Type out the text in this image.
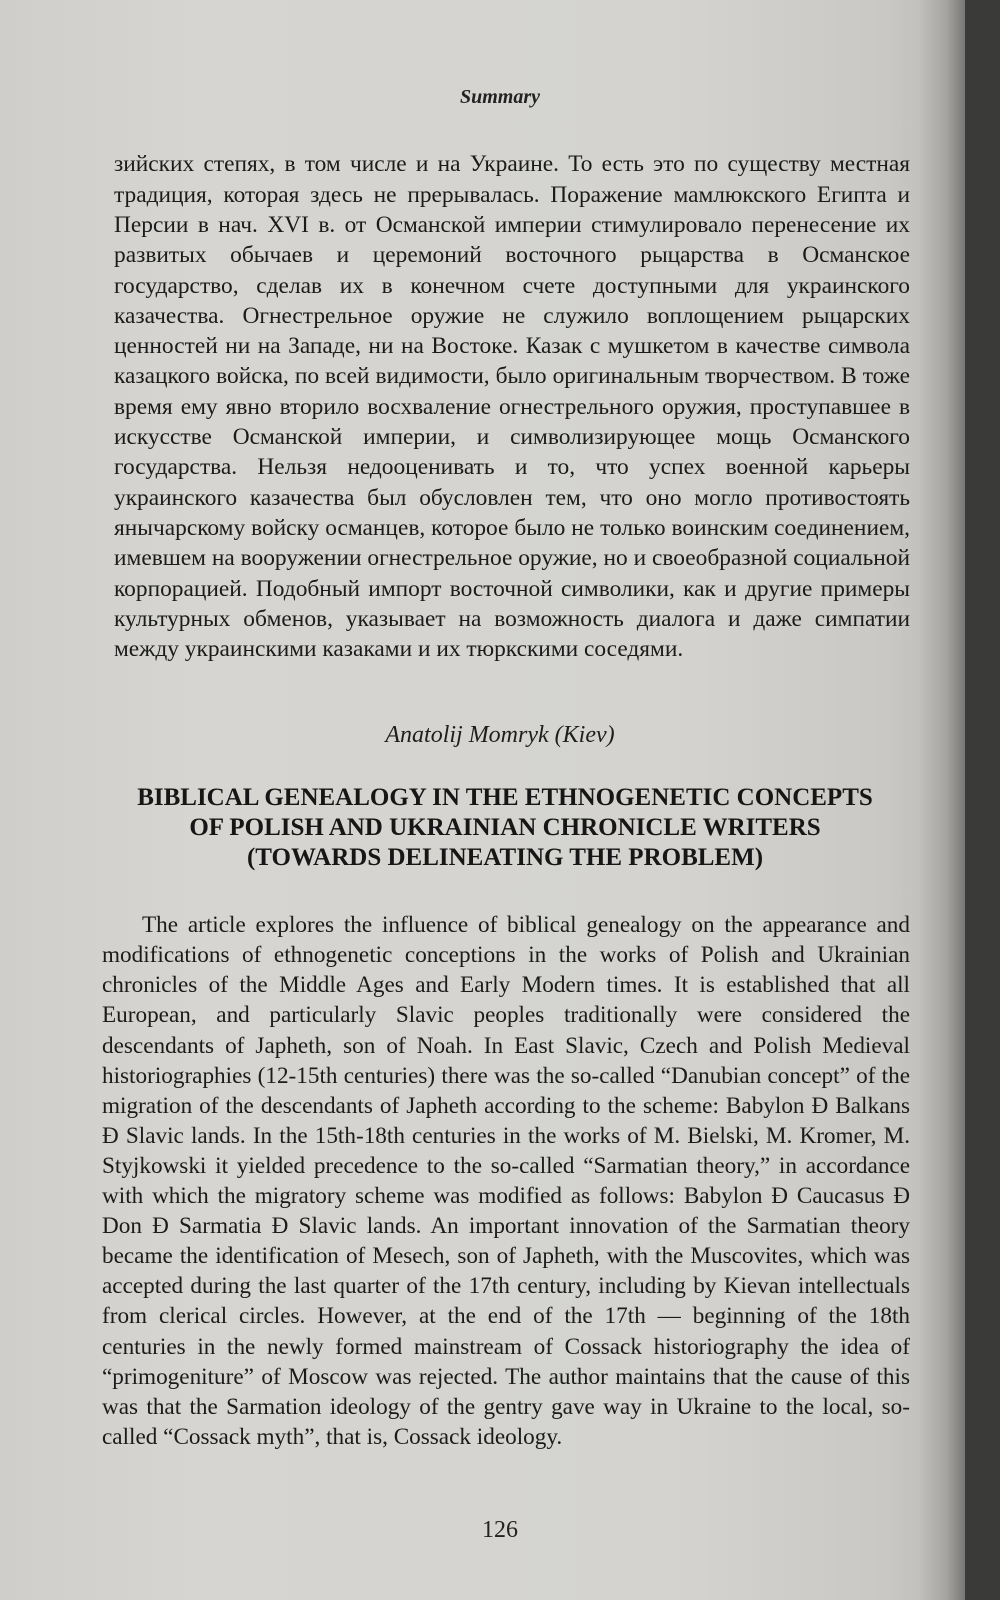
Summary

зийских степях, в том числе и на Украине. То есть это по существу местная традиция, которая здесь не прерывалась. Поражение мамлюкского Египта и Персии в нач. XVI в. от Османской империи стимулировало перенесение их развитых обычаев и церемоний восточного рыцарства в Османское государство, сделав их в конечном счете доступными для украинского казачества. Огнестрельное оружие не служило воплощением рыцарских ценностей ни на Западе, ни на Востоке. Казак с мушкетом в качестве символа казацкого войска, по всей видимости, было оригинальным творчеством. В тоже время ему явно вторило восхваление огнестрельного оружия, проступавшее в искусстве Османской империи, и символизирующее мощь Османского государства. Нельзя недооценивать и то, что успех военной карьеры украинского казачества был обусловлен тем, что оно могло противостоять янычарскому войску османцев, которое было не только воинским соединением, имевшем на вооружении огнестрельное оружие, но и своеобразной социальной корпорацией. Подобный импорт восточной символики, как и другие примеры культурных обменов, указывает на возможность диалога и даже симпатии между украинскими казаками и их тюркскими соседями.

Anatolij Momryk (Kiev)
BIBLICAL GENEALOGY IN THE ETHNOGENETIC CONCEPTS
OF POLISH AND UKRAINIAN CHRONICLE WRITERS
(TOWARDS DELINEATING THE PROBLEM)

The article explores the influence of biblical genealogy on the appearance and modifications of ethnogenetic conceptions in the works of Polish and Ukrainian chronicles of the Middle Ages and Early Modern times. It is established that all European, and particularly Slavic peoples traditionally were considered the descendants of Japheth, son of Noah. In East Slavic, Czech and Polish Medieval historiographies (12-15th centuries) there was the so-called “Danubian concept” of the migration of the descendants of Japheth according to the scheme: Babylon Ð Balkans Ð Slavic lands. In the 15th-18th centuries in the works of M. Bielski, M. Kromer, M. Styjkowski it yielded precedence to the so-called “Sarmatian theory,” in accordance with which the migratory scheme was modified as follows: Babylon Ð Caucasus Ð Don Ð Sarmatia Ð Slavic lands. An important innovation of the Sarmatian theory became the identification of Mesech, son of Japheth, with the Muscovites, which was accepted during the last quarter of the 17th century, including by Kievan intellectuals from clerical circles. However, at the end of the 17th — beginning of the 18th centuries in the newly formed mainstream of Cossack historiography the idea of “primogeniture” of Moscow was rejected. The author maintains that the cause of this was that the Sarmation ideology of the gentry gave way in Ukraine to the local, so-called “Cossack myth”, that is, Cossack ideology.

126
